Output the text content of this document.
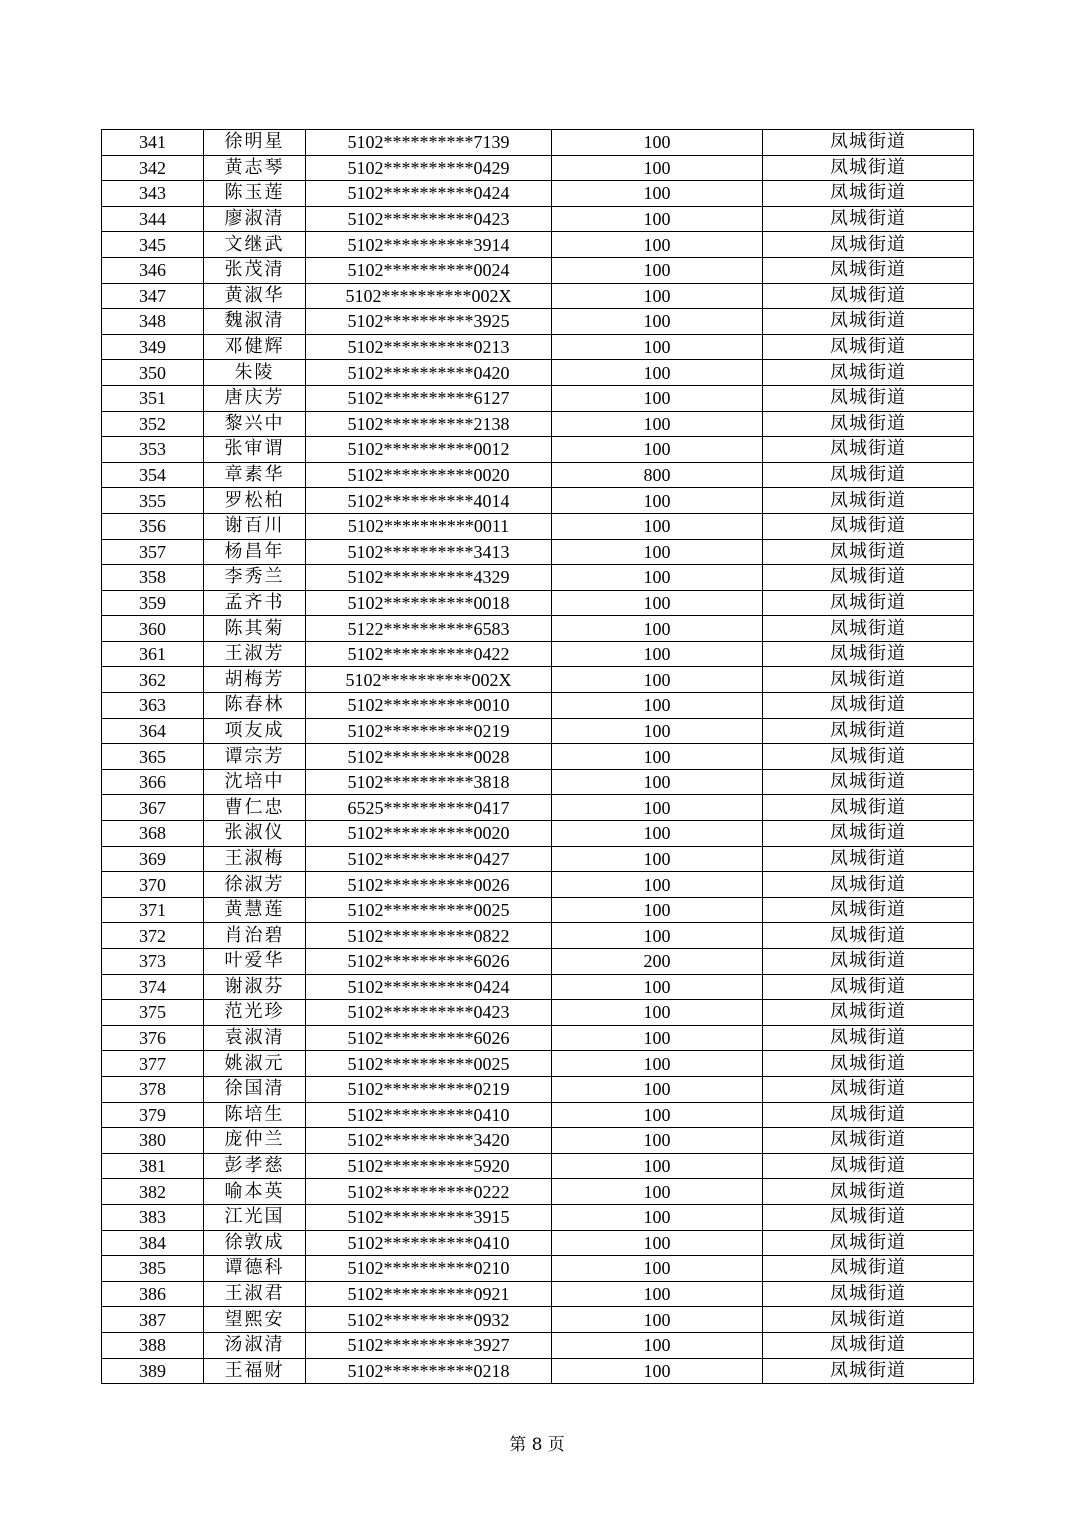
341	徐明星	5102**********7139	100	凤城街道
342	黄志琴	5102**********0429	100	凤城街道
343	陈玉莲	5102**********0424	100	凤城街道
344	廖淑清	5102**********0423	100	凤城街道
345	文继武	5102**********3914	100	凤城街道
346	张茂清	5102**********0024	100	凤城街道
347	黄淑华	5102**********002X	100	凤城街道
348	魏淑清	5102**********3925	100	凤城街道
349	邓健辉	5102**********0213	100	凤城街道
350	朱陵	5102**********0420	100	凤城街道
351	唐庆芳	5102**********6127	100	凤城街道
352	黎兴中	5102**********2138	100	凤城街道
353	张审谓	5102**********0012	100	凤城街道
354	章素华	5102**********0020	800	凤城街道
355	罗松柏	5102**********4014	100	凤城街道
356	谢百川	5102**********0011	100	凤城街道
357	杨昌年	5102**********3413	100	凤城街道
358	李秀兰	5102**********4329	100	凤城街道
359	孟齐书	5102**********0018	100	凤城街道
360	陈其菊	5122**********6583	100	凤城街道
361	王淑芳	5102**********0422	100	凤城街道
362	胡梅芳	5102**********002X	100	凤城街道
363	陈春林	5102**********0010	100	凤城街道
364	项友成	5102**********0219	100	凤城街道
365	谭宗芳	5102**********0028	100	凤城街道
366	沈培中	5102**********3818	100	凤城街道
367	曹仁忠	6525**********0417	100	凤城街道
368	张淑仪	5102**********0020	100	凤城街道
369	王淑梅	5102**********0427	100	凤城街道
370	徐淑芳	5102**********0026	100	凤城街道
371	黄慧莲	5102**********0025	100	凤城街道
372	肖治碧	5102**********0822	100	凤城街道
373	叶爱华	5102**********6026	200	凤城街道
374	谢淑芬	5102**********0424	100	凤城街道
375	范光珍	5102**********0423	100	凤城街道
376	袁淑清	5102**********6026	100	凤城街道
377	姚淑元	5102**********0025	100	凤城街道
378	徐国清	5102**********0219	100	凤城街道
379	陈培生	5102**********0410	100	凤城街道
380	庞仲兰	5102**********3420	100	凤城街道
381	彭孝慈	5102**********5920	100	凤城街道
382	喻本英	5102**********0222	100	凤城街道
383	江光国	5102**********3915	100	凤城街道
384	徐敦成	5102**********0410	100	凤城街道
385	谭德科	5102**********0210	100	凤城街道
386	王淑君	5102**********0921	100	凤城街道
387	望熙安	5102**********0932	100	凤城街道
388	汤淑清	5102**********3927	100	凤城街道
389	王福财	5102**********0218	100	凤城街道
第 8 页
